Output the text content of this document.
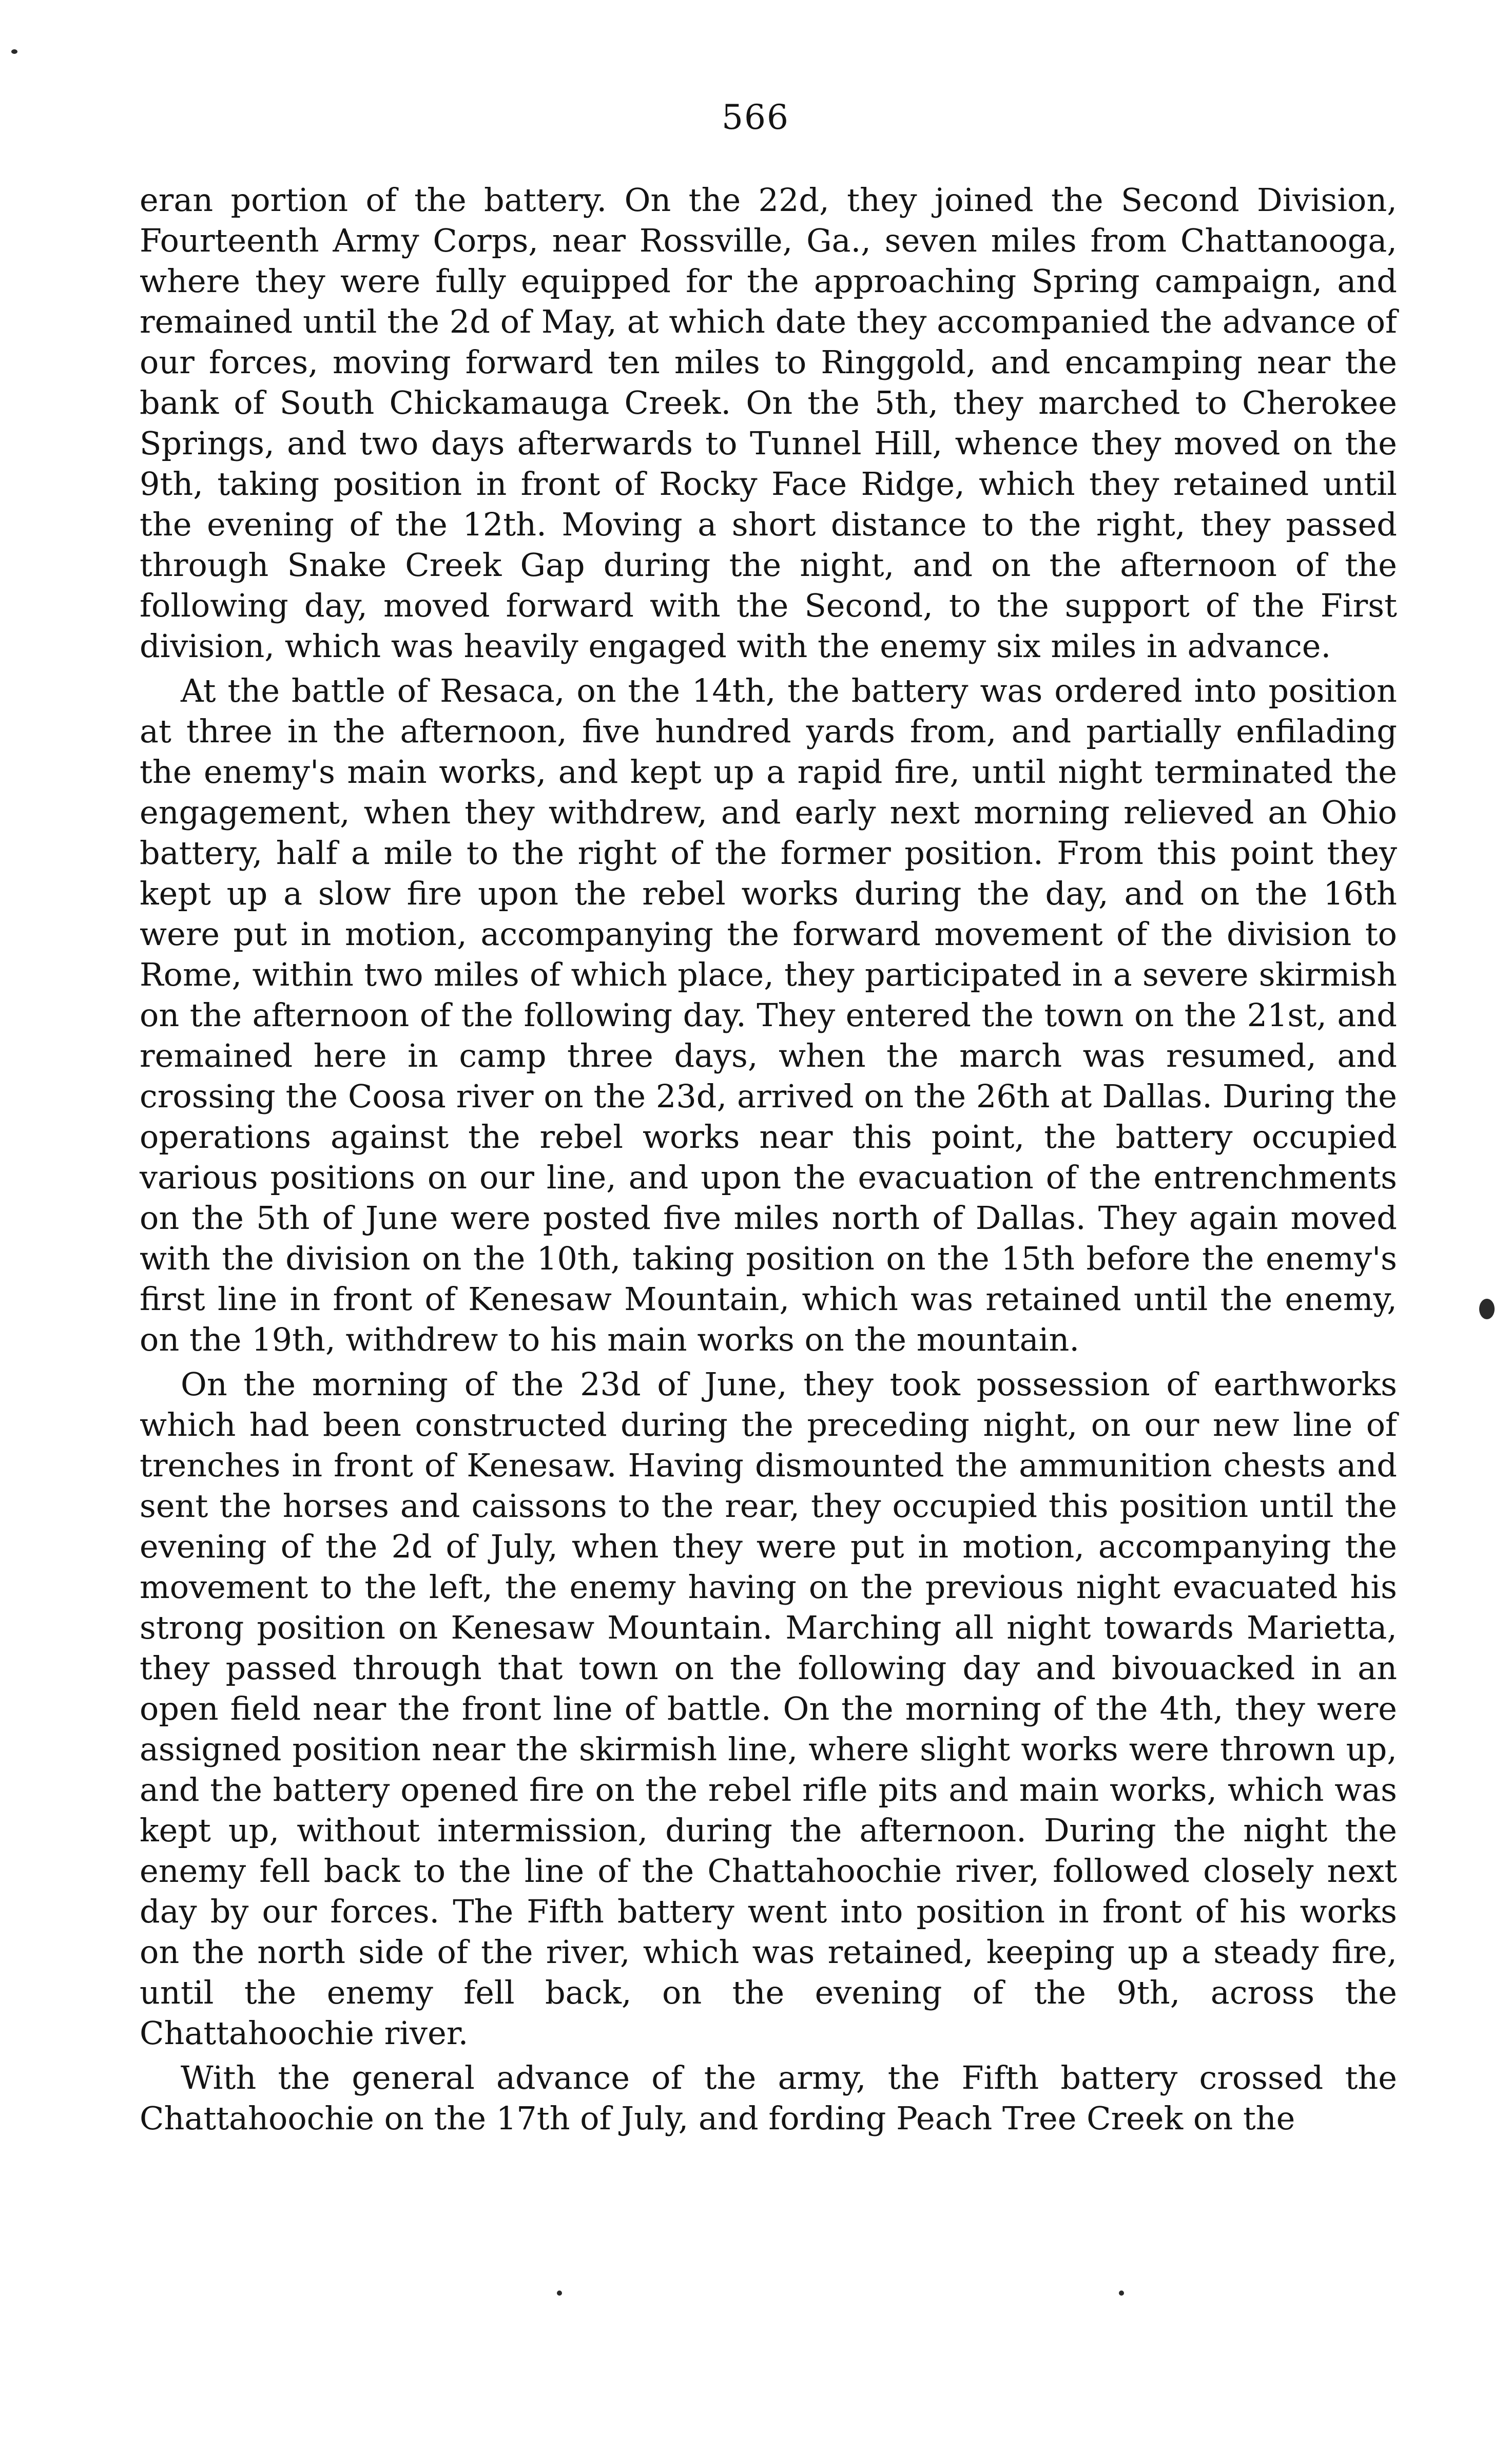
566

eran portion of the battery. On the 22d, they joined the Second Division, Fourteenth Army Corps, near Rossville, Ga., seven miles from Chattanooga, where they were fully equipped for the approaching Spring campaign, and remained until the 2d of May, at which date they accompanied the advance of our forces, moving forward ten miles to Ringgold, and encamping near the bank of South Chickamauga Creek. On the 5th, they marched to Cherokee Springs, and two days afterwards to Tunnel Hill, whence they moved on the 9th, taking position in front of Rocky Face Ridge, which they retained until the evening of the 12th. Moving a short distance to the right, they passed through Snake Creek Gap during the night, and on the afternoon of the following day, moved forward with the Second, to the support of the First division, which was heavily engaged with the enemy six miles in advance.

At the battle of Resaca, on the 14th, the battery was ordered into position at three in the afternoon, five hundred yards from, and partially enfilading the enemy's main works, and kept up a rapid fire, until night terminated the engagement, when they withdrew, and early next morning relieved an Ohio battery, half a mile to the right of the former position. From this point they kept up a slow fire upon the rebel works during the day, and on the 16th were put in motion, accompanying the forward movement of the division to Rome, within two miles of which place, they participated in a severe skirmish on the afternoon of the following day. They entered the town on the 21st, and remained here in camp three days, when the march was resumed, and crossing the Coosa river on the 23d, arrived on the 26th at Dallas. During the operations against the rebel works near this point, the battery occupied various positions on our line, and upon the evacuation of the entrenchments on the 5th of June were posted five miles north of Dallas. They again moved with the division on the 10th, taking position on the 15th before the enemy's first line in front of Kenesaw Mountain, which was retained until the enemy, on the 19th, withdrew to his main works on the mountain.

On the morning of the 23d of June, they took possession of earthworks which had been constructed during the preceding night, on our new line of trenches in front of Kenesaw. Having dismounted the ammunition chests and sent the horses and caissons to the rear, they occupied this position until the evening of the 2d of July, when they were put in motion, accompanying the movement to the left, the enemy having on the previous night evacuated his strong position on Kenesaw Mountain. Marching all night towards Marietta, they passed through that town on the following day and bivouacked in an open field near the front line of battle. On the morning of the 4th, they were assigned position near the skirmish line, where slight works were thrown up, and the battery opened fire on the rebel rifle pits and main works, which was kept up, without intermission, during the afternoon. During the night the enemy fell back to the line of the Chattahoochie river, followed closely next day by our forces. The Fifth battery went into position in front of his works on the north side of the river, which was retained, keeping up a steady fire, until the enemy fell back, on the evening of the 9th, across the Chattahoochie river.

With the general advance of the army, the Fifth battery crossed the Chattahoochie on the 17th of July, and fording Peach Tree Creek on the
